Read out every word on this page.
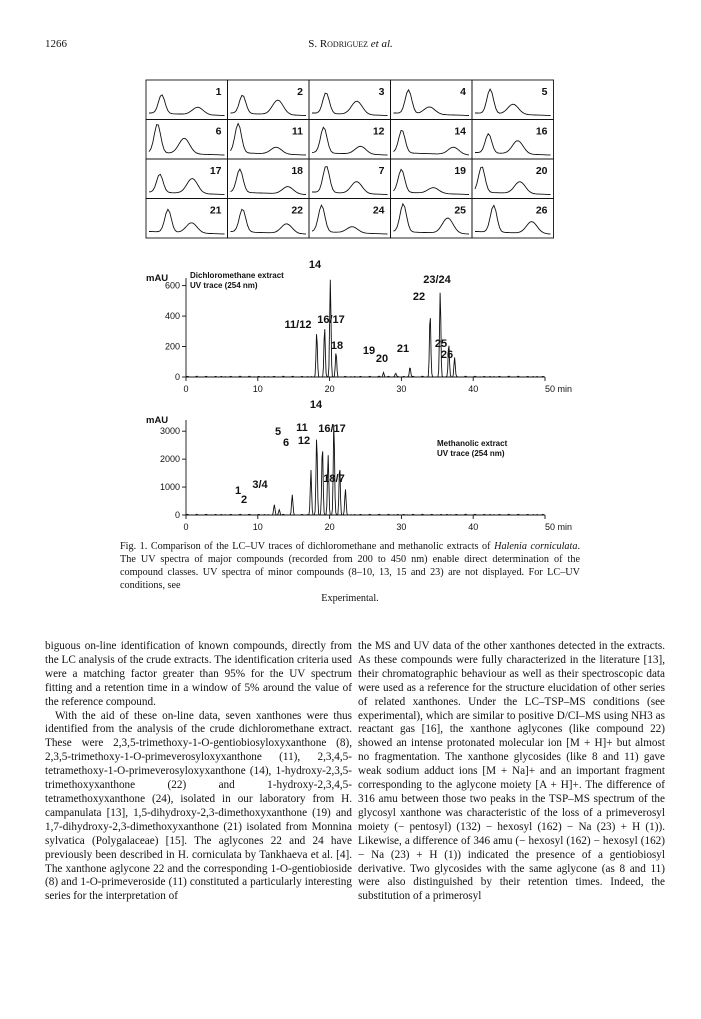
1266	S. Rodriguez et al.
1	2	3	4	5
6	11	12	14	16
17	18	7	19	20
21	22	24	25	26
0
200
400
600
0	10	20	30	40	50 min
mAU	Dichloromethane extract
UV trace (254 nm)
11/12 16/17
14
18 19
20
21
22
23/24
25
26
0
1000
2000
3000
0	10	20	30	40	50 min
mAU
Methanolic extract
UV trace (254 nm)
1
2
3/4
5
6
11
12
14
16/17
18/7
Fig. 1. Comparison of the LC–UV traces of dichloromethane and methanolic extracts of Halenia corniculata. The UV spectra of major compounds (recorded from 200 to 450 nm) enable direct determination of the compound classes. UV spectra of minor compounds (8–10, 13, 15 and 23) are not displayed. For LC–UV conditions, see
Experimental.

biguous on-line identification of known compounds, directly from the LC analysis of the crude extracts. The identification criteria used were a matching factor greater than 95% for the UV spectrum fitting and a retention time in a window of 5% around the value of the reference compound.

With the aid of these on-line data, seven xanthones were thus identified from the analysis of the crude dichloromethane extract. These were 2,3,5-trimethoxy-1-O-gentiobiosyloxyxanthone (8), 2,3,5-trimethoxy-1-O-primeverosyloxyxanthone (11), 2,3,4,5-tetramethoxy-1-O-primeverosyloxyxanthone (14), 1-hydroxy-2,3,5-trimethoxyxanthone (22) and 1-hydroxy-2,3,4,5-tetramethoxyxanthone (24), isolated in our laboratory from H. campanulata [13], 1,5-dihydroxy-2,3-dimethoxyxanthone (19) and 1,7-dihydroxy-2,3-dimethoxyxanthone (21) isolated from Monnina sylvatica (Polygalaceae) [15]. The aglycones 22 and 24 have previously been described in H. corniculata by Tankhaeva et al. [4]. The xanthone aglycone 22 and the corresponding 1-O-gentiobioside (8) and 1-O-primeveroside (11) constituted a particularly interesting series for the interpretation of

the MS and UV data of the other xanthones detected in the extracts. As these compounds were fully characterized in the literature [13], their chromatographic behaviour as well as their spectroscopic data were used as a reference for the structure elucidation of other series of related xanthones. Under the LC–TSP–MS conditions (see experimental), which are similar to positive D/CI–MS using NH3 as reactant gas [16], the xanthone aglycones (like compound 22) showed an intense protonated molecular ion [M + H]+ but almost no fragmentation. The xanthone glycosides (like 8 and 11) gave weak sodium adduct ions [M + Na]+ and an important fragment corresponding to the aglycone moiety [A + H]+. The difference of 316 amu between those two peaks in the TSP–MS spectrum of the glycosyl xanthone was characteristic of the loss of a primeverosyl moiety (− pentosyl) (132) − hexosyl (162) − Na (23) + H (1)). Likewise, a difference of 346 amu (− hexosyl (162) − hexosyl (162) − Na (23) + H (1)) indicated the presence of a gentiobiosyl derivative. Two glycosides with the same aglycone (as 8 and 11) were also distinguished by their retention times. Indeed, the substitution of a primerosyl
